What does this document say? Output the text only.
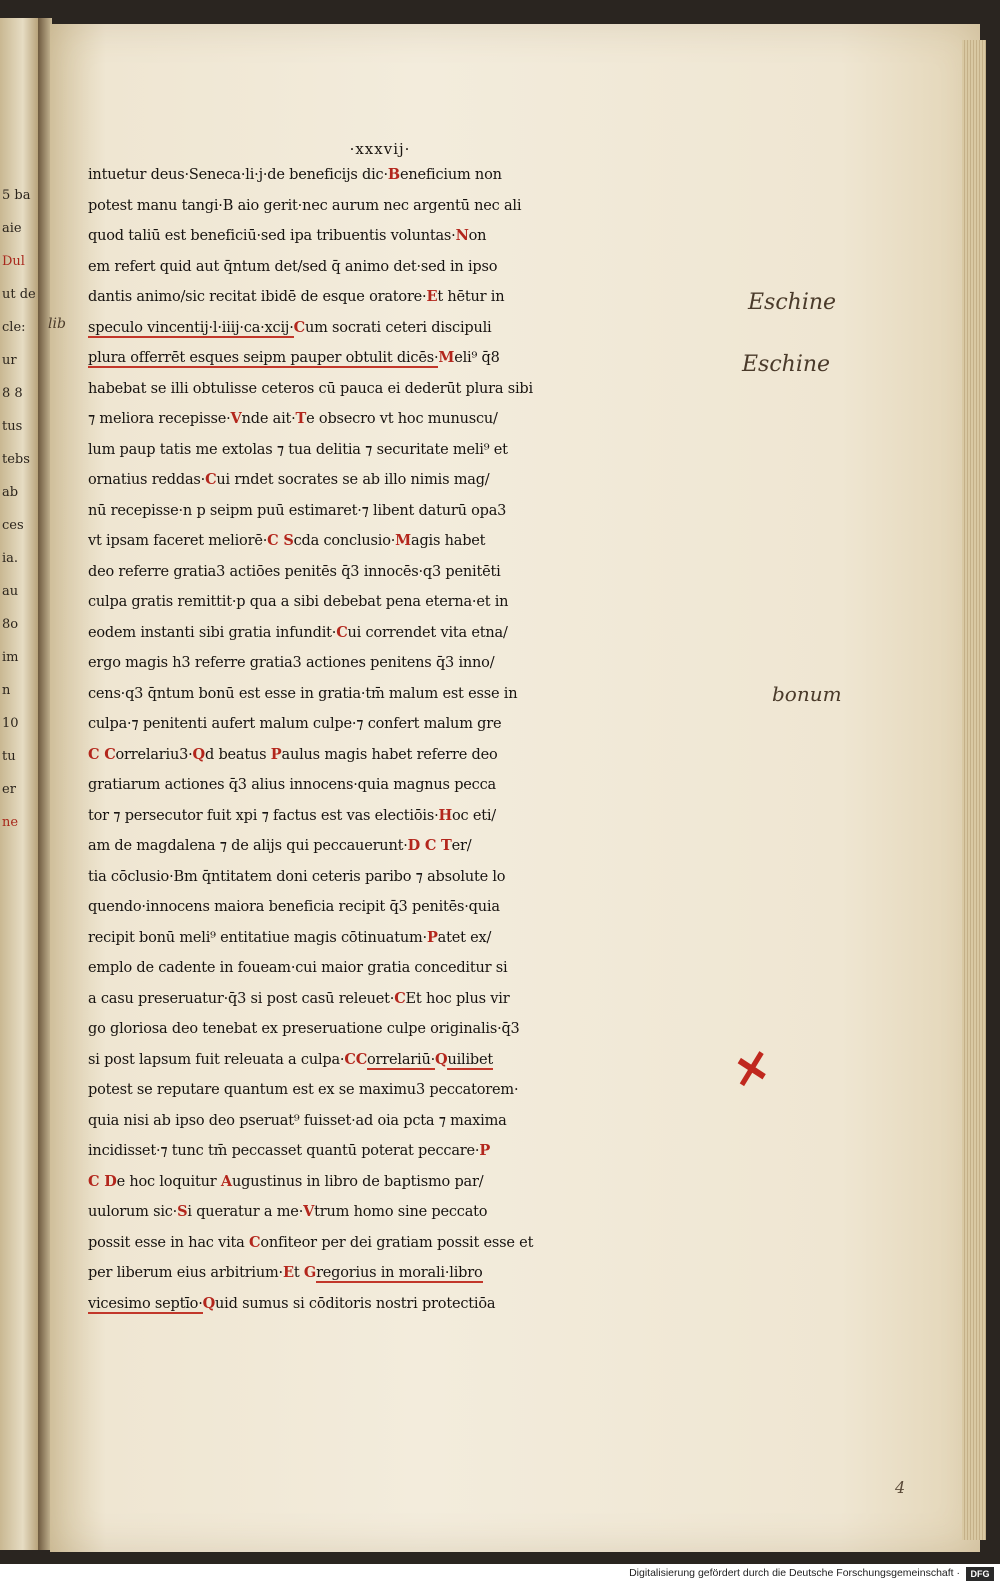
5 ba
aie
Dul
ut de
cle:
ur
8 8
tus
tebs
ab
ces
ia.
au
8o
im
n
10
tu
er
ne
·xxxvij·
intuetur deus·Seneca·li·j·de beneficijs dic·Beneficium non
potest manu tangi·B aio gerit·nec aurum nec argentū nec ali
quod taliū est beneficiū·sed ipa tribuentis voluntas·Non
em refert quid aut q̄ntum det/sed q̄ animo det·sed in ipso
dantis animo/sic recitat ibidē de esque oratore·Et hētur in
speculo vincentij·l·iiij·ca·xcij·Cum socrati ceteri discipuli
plura offerrēt esques seipm pauper obtulit dicēs·Meli⁹ q̄8
habebat se illi obtulisse ceteros cū pauca ei dederūt plura sibi
⁊ meliora recepisse·Vnde ait·Te obsecro vt hoc munuscu/
lum paup tatis me extolas ⁊ tua delitia ⁊ securitate meli⁹ et
ornatius reddas·Cui rndet socrates se ab illo nimis mag/
nū recepisse·n p seipm puū estimaret·⁊ libent daturū opa3
vt ipsam faceret meliorē·C Scda conclusio·Magis habet
deo referre gratia3 actiōes penitēs q̄3 innocēs·q3 penitēti
culpa gratis remittit·p qua a sibi debebat pena eterna·et in
eodem instanti sibi gratia infundit·Cui correndet vita etna/
ergo magis h3 referre gratia3 actiones penitens q̄3 inno/
cens·q3 q̄ntum bonū est esse in gratia·tm̄ malum est esse in
culpa·⁊ penitenti aufert malum culpe·⁊ confert malum gre
C Correlariu3·Qd beatus Paulus magis habet referre deo
gratiarum actiones q̄3 alius innocens·quia magnus pecca
tor ⁊ persecutor fuit xpi ⁊ factus est vas electiōis·Hoc eti/
am de magdalena ⁊ de alijs qui peccauerunt·D C Ter/
tia cōclusio·Bm q̄ntitatem doni ceteris paribo ⁊ absolute lo
quendo·innocens maiora beneficia recipit q̄3 penitēs·quia
recipit bonū meli⁹ entitatiue magis cōtinuatum·Patet ex/
emplo de cadente in foueam·cui maior gratia conceditur si
a casu preseruatur·q̄3 si post casū releuet·CEt hoc plus vir
go gloriosa deo tenebat ex preseruatione culpe originalis·q̄3
si post lapsum fuit releuata a culpa·CCorrelariū·Quilibet
potest se reputare quantum est ex se maximu3 peccatorem·
quia nisi ab ipso deo pseruat⁹ fuisset·ad oia pcta ⁊ maxima
incidisset·⁊ tunc tm̄ peccasset quantū poterat peccare·P
C De hoc loquitur Augustinus in libro de baptismo par/
uulorum sic·Si queratur a me·Vtrum homo sine peccato
possit esse in hac vita Confiteor per dei gratiam possit esse et
per liberum eius arbitrium·Et Gregorius in morali·libro
vicesimo septīo·Quid sumus si cōditoris nostri protectiōa
lib
Eschine
Eschine
bonum
✕
4
Digitalisierung gefördert durch die Deutsche Forschungsgemeinschaft ·	DFG
